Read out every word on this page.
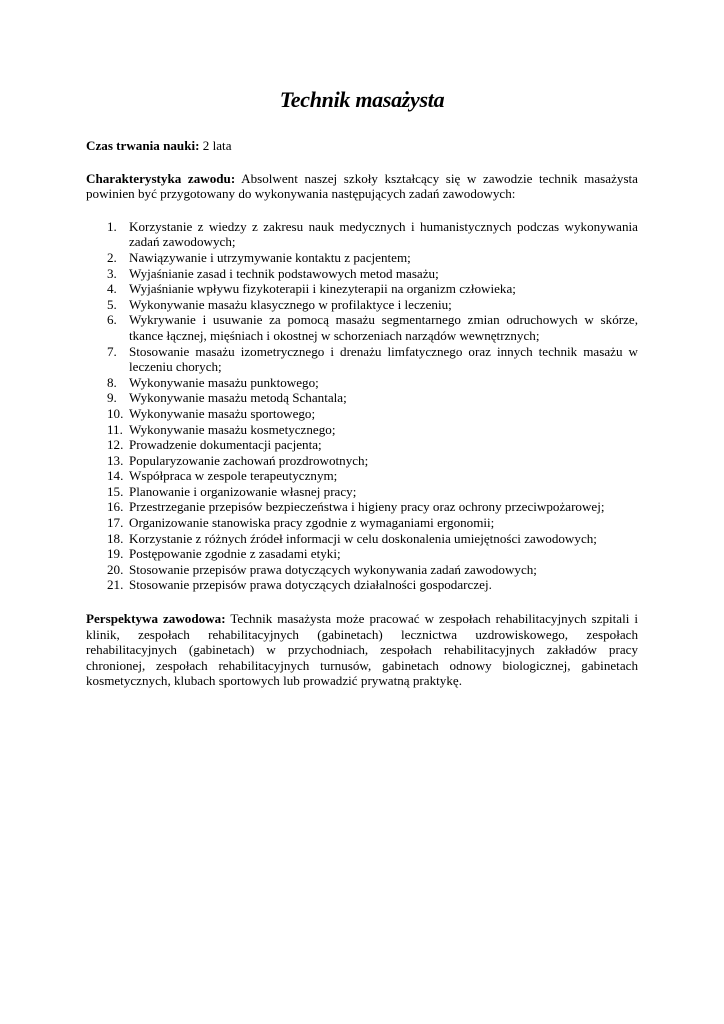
Technik masażysta

Czas trwania nauki: 2 lata

Charakterystyka zawodu: Absolwent naszej szkoły kształcący się w zawodzie technik masażysta powinien być przygotowany do wykonywania następujących zadań zawodowych:

1. Korzystanie z wiedzy z zakresu nauk medycznych i humanistycznych podczas wykonywania zadań zawodowych;
2. Nawiązywanie i utrzymywanie kontaktu z pacjentem;
3. Wyjaśnianie zasad i technik podstawowych metod masażu;
4. Wyjaśnianie wpływu fizykoterapii i kinezyterapii na organizm człowieka;
5. Wykonywanie masażu klasycznego w profilaktyce i leczeniu;
6. Wykrywanie i usuwanie za pomocą masażu segmentarnego zmian odruchowych w skórze, tkance łącznej, mięśniach i okostnej w schorzeniach narządów wewnętrznych;
7. Stosowanie masażu izometrycznego i drenażu limfatycznego oraz innych technik masażu w leczeniu chorych;
8. Wykonywanie masażu punktowego;
9. Wykonywanie masażu metodą Schantala;
10. Wykonywanie masażu sportowego;
11. Wykonywanie masażu kosmetycznego;
12. Prowadzenie dokumentacji pacjenta;
13. Popularyzowanie zachowań prozdrowotnych;
14. Współpraca w zespole terapeutycznym;
15. Planowanie i organizowanie własnej pracy;
16. Przestrzeganie przepisów bezpieczeństwa i higieny pracy oraz ochrony przeciwpożarowej;
17. Organizowanie stanowiska pracy zgodnie z wymaganiami ergonomii;
18. Korzystanie z różnych źródeł informacji w celu doskonalenia umiejętności zawodowych;
19. Postępowanie zgodnie z zasadami etyki;
20. Stosowanie przepisów prawa dotyczących wykonywania zadań zawodowych;
21. Stosowanie przepisów prawa dotyczących działalności gospodarczej.

Perspektywa zawodowa: Technik masażysta może pracować w zespołach rehabilitacyjnych szpitali i klinik, zespołach rehabilitacyjnych (gabinetach) lecznictwa uzdrowiskowego, zespołach rehabilitacyjnych (gabinetach) w przychodniach, zespołach rehabilitacyjnych zakładów pracy chronionej, zespołach rehabilitacyjnych turnusów, gabinetach odnowy biologicznej, gabinetach kosmetycznych, klubach sportowych lub prowadzić prywatną praktykę.
